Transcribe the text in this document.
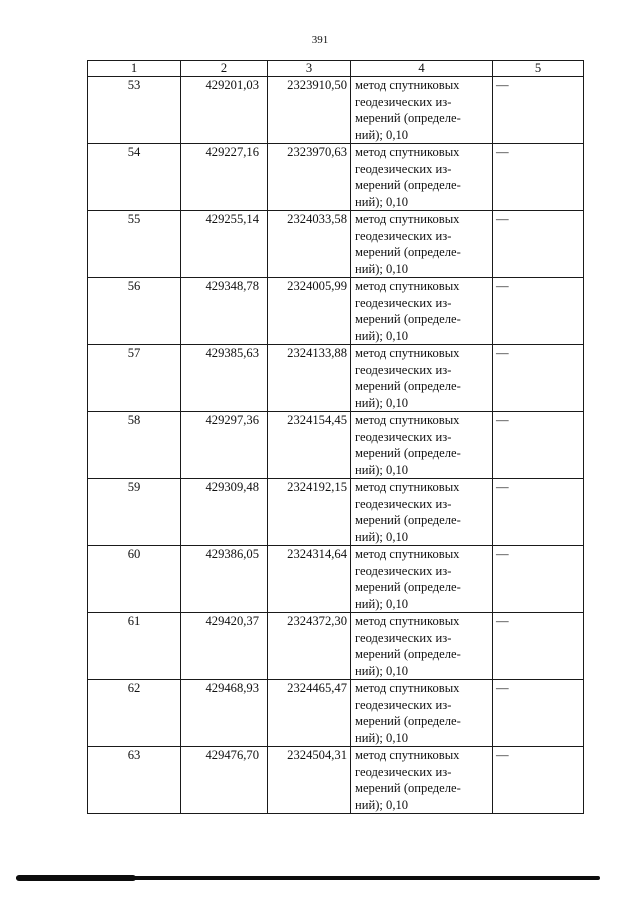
391
1	2	3	4	5
53	429201,03	2323910,50	метод спутниковых геодезических из-мерений (определе-ний); 0,10	—
54	429227,16	2323970,63	метод спутниковых геодезических из-мерений (определе-ний); 0,10	—
55	429255,14	2324033,58	метод спутниковых геодезических из-мерений (определе-ний); 0,10	—
56	429348,78	2324005,99	метод спутниковых геодезических из-мерений (определе-ний); 0,10	—
57	429385,63	2324133,88	метод спутниковых геодезических из-мерений (определе-ний); 0,10	—
58	429297,36	2324154,45	метод спутниковых геодезических из-мерений (определе-ний); 0,10	—
59	429309,48	2324192,15	метод спутниковых геодезических из-мерений (определе-ний); 0,10	—
60	429386,05	2324314,64	метод спутниковых геодезических из-мерений (определе-ний); 0,10	—
61	429420,37	2324372,30	метод спутниковых геодезических из-мерений (определе-ний); 0,10	—
62	429468,93	2324465,47	метод спутниковых геодезических из-мерений (определе-ний); 0,10	—
63	429476,70	2324504,31	метод спутниковых геодезических из-мерений (определе-ний); 0,10	—
